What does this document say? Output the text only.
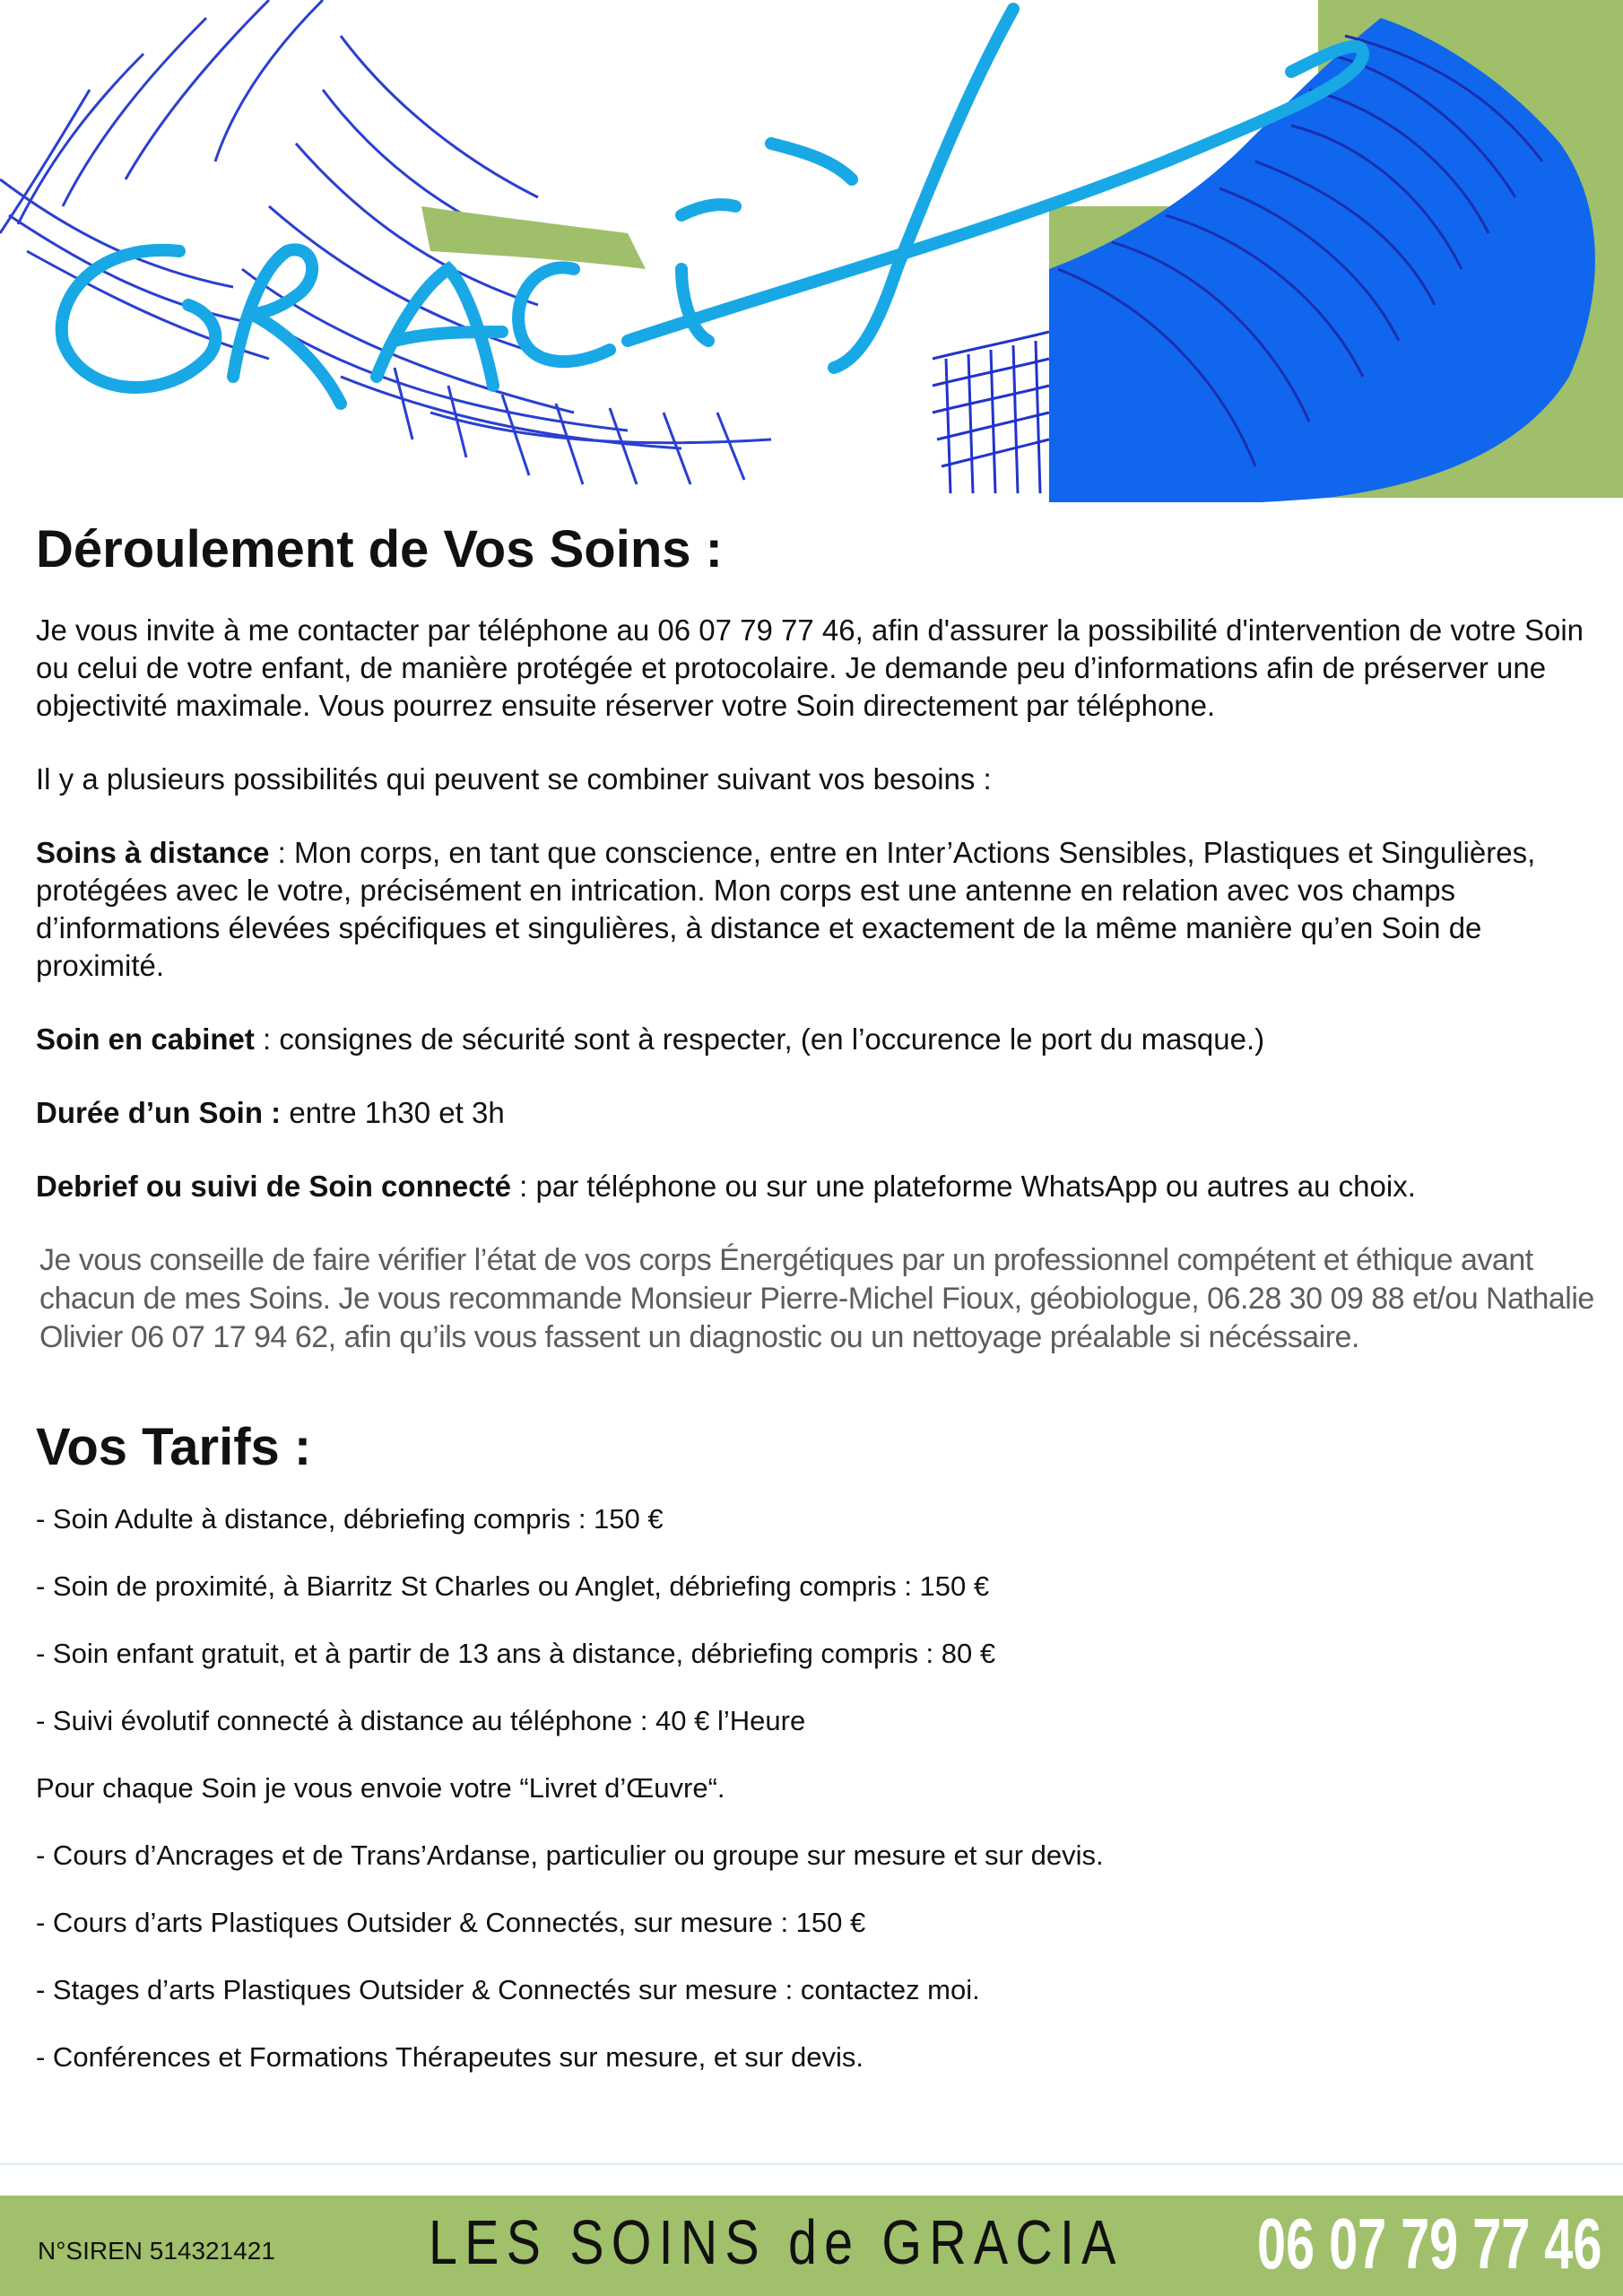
Déroulement de Vos Soins :

Je vous invite à me contacter par téléphone au 06 07 79 77 46, afin d'assurer la possibilité d'intervention de votre Soin ou celui de votre enfant, de manière protégée et protocolaire. Je demande peu d’informations afin de préserver une objectivité maximale. Vous pourrez ensuite réserver votre Soin directement par téléphone.

Il y a plusieurs possibilités qui peuvent se combiner suivant vos besoins :

Soins à distance : Mon corps, en tant que conscience, entre en Inter’Actions Sensibles, Plastiques et Singulières, protégées avec le votre, précisément en intrication. Mon corps est une antenne en relation avec vos champs d’informations élevées spécifiques et singulières, à distance et exactement de la même manière qu’en Soin de proximité.

Soin en cabinet : consignes de sécurité sont à respecter, (en l’occurence le port du masque.)

Durée d’un Soin : entre 1h30 et 3h

Debrief ou suivi de Soin connecté : par téléphone ou sur une plateforme WhatsApp ou autres au choix.

Je vous conseille de faire vérifier l’état de vos corps Énergétiques par un professionnel compétent et éthique avant chacun de mes Soins. Je vous recommande Monsieur Pierre-Michel Fioux, géobiologue, 06.28 30 09 88 et/ou Nathalie Olivier 06 07 17 94 62, afin qu’ils vous fassent un diagnostic ou un nettoyage préalable si nécéssaire.

Vos Tarifs :

- Soin Adulte à distance, débriefing compris : 150 €

- Soin de proximité, à Biarritz St Charles ou Anglet, débriefing compris : 150 €

- Soin enfant gratuit, et à partir de 13 ans à distance, débriefing compris : 80 €

- Suivi évolutif connecté à distance au téléphone : 40 € l’Heure

Pour chaque Soin je vous envoie votre “Livret d’Œuvre“.

- Cours d’Ancrages et de Trans’Ardanse, particulier ou groupe sur mesure et sur devis.

- Cours d’arts Plastiques Outsider & Connectés, sur mesure : 150 €

- Stages d’arts Plastiques Outsider & Connectés sur mesure : contactez moi.

- Conférences et Formations Thérapeutes sur mesure, et sur devis.

N°SIREN 514321421 LES SOINS de GRACIA 06 07 79 77 46
